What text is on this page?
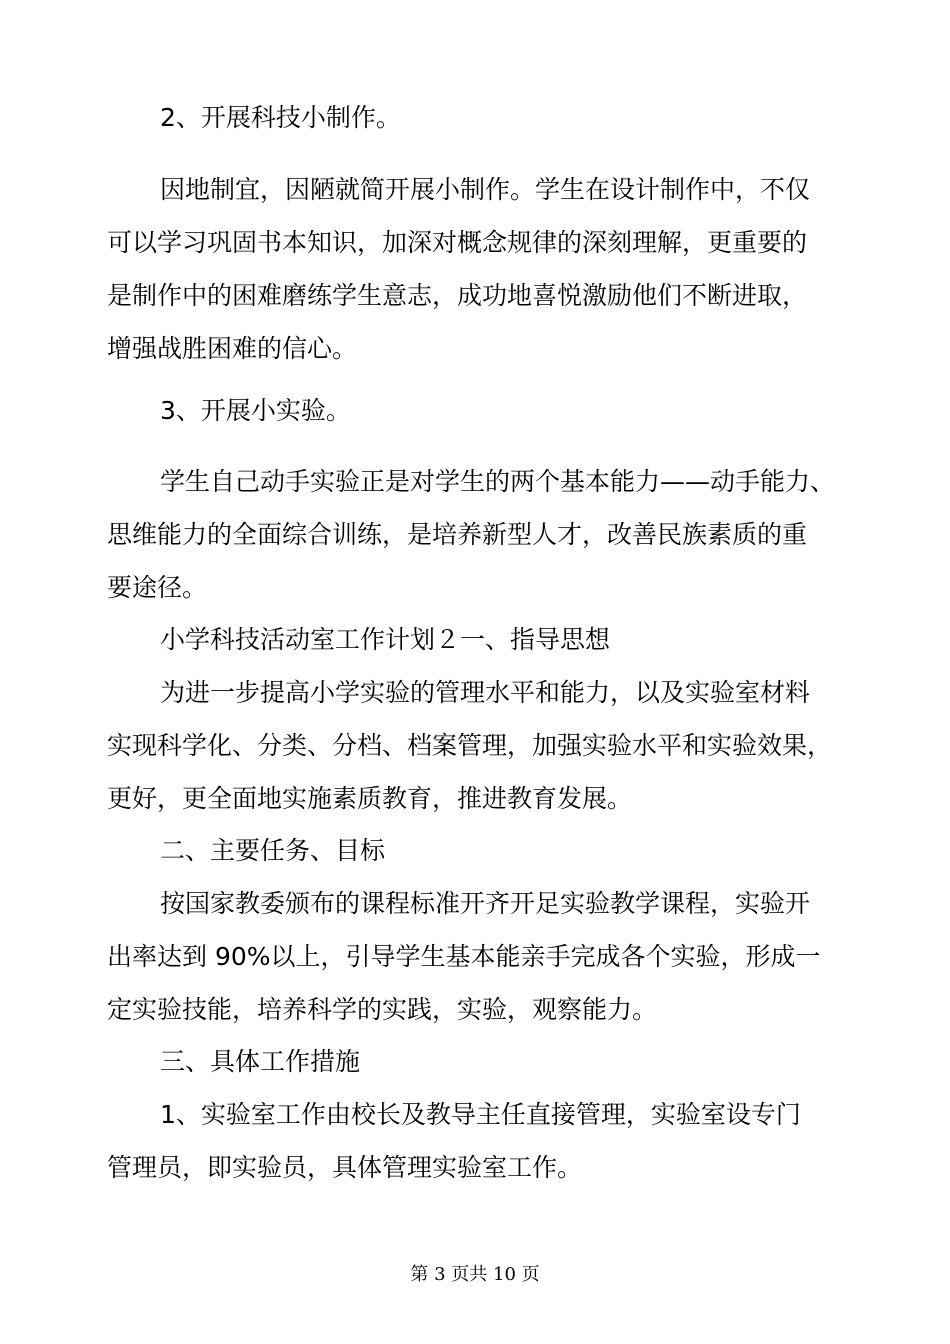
2、开展科技小制作。

因地制宜，因陋就简开展小制作。学生在设计制作中，不仅

可以学习巩固书本知识，加深对概念规律的深刻理解，更重要的

是制作中的困难磨练学生意志，成功地喜悦激励他们不断进取，

增强战胜困难的信心。

3、开展小实验。

学生自己动手实验正是对学生的两个基本能力——动手能力、

思维能力的全面综合训练，是培养新型人才，改善民族素质的重

要途径。

小学科技活动室工作计划２一、指导思想

为进一步提高小学实验的管理水平和能力，以及实验室材料

实现科学化、分类、分档、档案管理，加强实验水平和实验效果，

更好，更全面地实施素质教育，推进教育发展。

二、主要任务、目标

按国家教委颁布的课程标准开齐开足实验教学课程，实验开

出率达到 90%以上，引导学生基本能亲手完成各个实验，形成一

定实验技能，培养科学的实践，实验，观察能力。

三、具体工作措施

1、实验室工作由校长及教导主任直接管理，实验室设专门

管理员，即实验员，具体管理实验室工作。

第 3 页共 10 页
